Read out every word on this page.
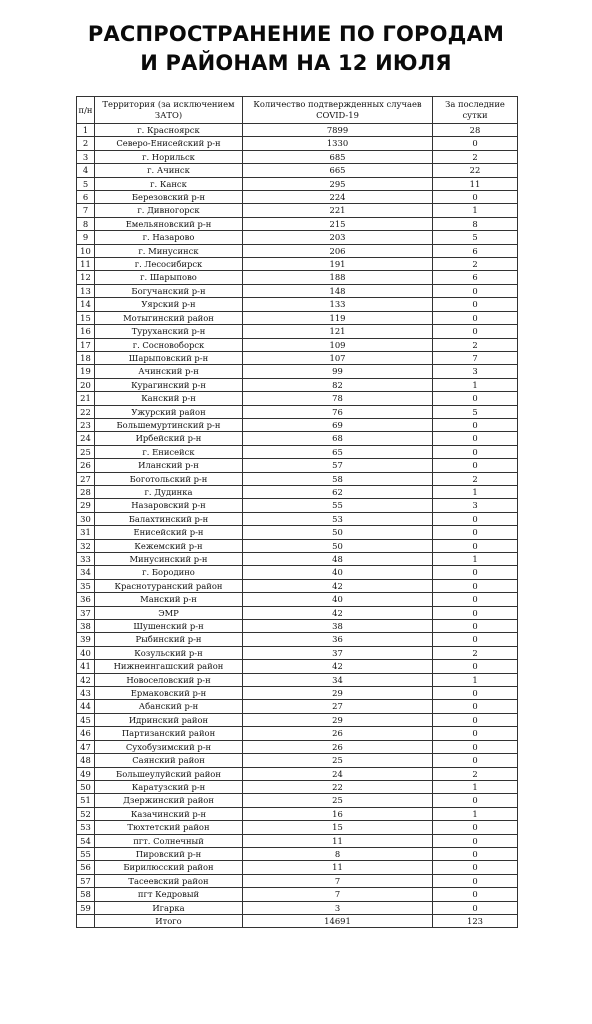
РАСПРОСТРАНЕНИЕ ПО ГОРОДАМ
И РАЙОНАМ НА 12 ИЮЛЯ
п/н	Территория (за исключением ЗАТО)	Количество подтвержденных случаев COVID-19	За последние сутки
1	г. Красноярск	7899	28
2	Северо-Енисейский р-н	1330	0
3	г. Норильск	685	2
4	г. Ачинск	665	22
5	г. Канск	295	11
6	Березовский р-н	224	0
7	г. Дивногорск	221	1
8	Емельяновский р-н	215	8
9	г. Назарово	203	5
10	г. Минусинск	206	6
11	г. Лесосибирск	191	2
12	г. Шарыпово	188	6
13	Богучанский р-н	148	0
14	Уярский р-н	133	0
15	Мотыгинский район	119	0
16	Туруханский р-н	121	0
17	г. Сосновоборск	109	2
18	Шарыповский р-н	107	7
19	Ачинский р-н	99	3
20	Курагинский р-н	82	1
21	Канский р-н	78	0
22	Ужурский район	76	5
23	Большемуртинский р-н	69	0
24	Ирбейский р-н	68	0
25	г. Енисейск	65	0
26	Иланский р-н	57	0
27	Боготольский р-н	58	2
28	г. Дудинка	62	1
29	Назаровский р-н	55	3
30	Балахтинский р-н	53	0
31	Енисейский р-н	50	0
32	Кежемский р-н	50	0
33	Минусинский р-н	48	1
34	г. Бородино	40	0
35	Краснотуранский район	42	0
36	Манский р-н	40	0
37	ЭМР	42	0
38	Шушенский р-н	38	0
39	Рыбинский р-н	36	0
40	Козульский р-н	37	2
41	Нижнеингашский район	42	0
42	Новоселовский р-н	34	1
43	Ермаковский р-н	29	0
44	Абанский р-н	27	0
45	Идринский район	29	0
46	Партизанский район	26	0
47	Сухобузимский р-н	26	0
48	Саянский район	25	0
49	Большеулуйский район	24	2
50	Каратузский р-н	22	1
51	Дзержинский район	25	0
52	Казачинский р-н	16	1
53	Тюхтетский район	15	0
54	пгт. Солнечный	11	0
55	Пировский р-н	8	0
56	Бирилюсский район	11	0
57	Тасеевский район	7	0
58	пгт Кедровый	7	0
59	Игарка	3	0
	Итого	14691	123
